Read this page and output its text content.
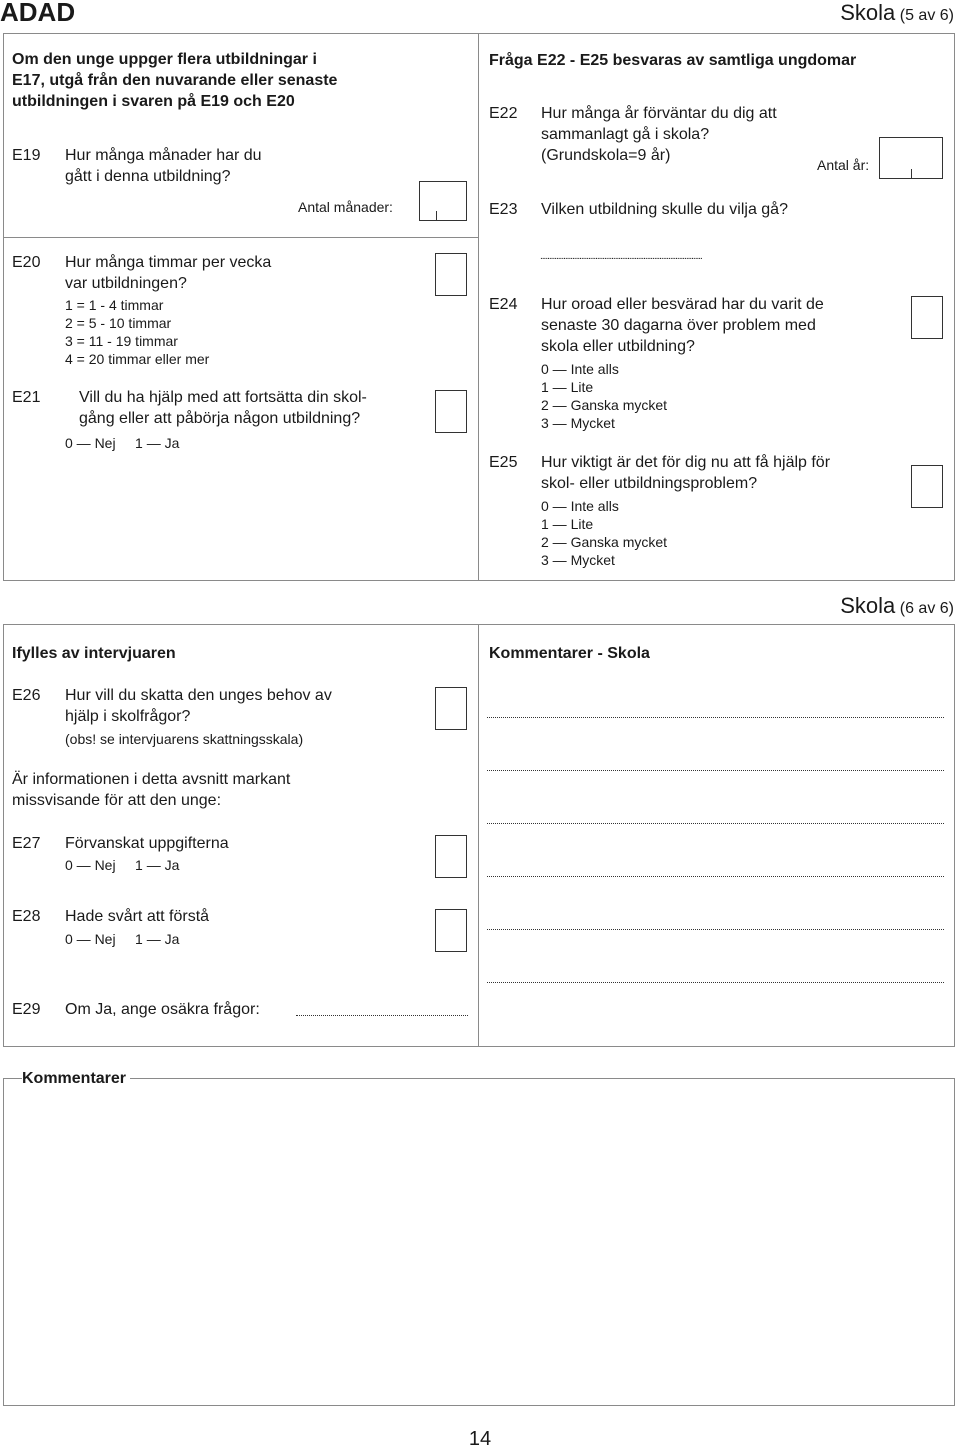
ADAD	Skola (5 av 6)
Om den unge uppger flera utbildningar i
E17, utgå från den nuvarande eller senaste
utbildningen i svaren på E19 och E20
E19 Hur många månader har du
gått i denna utbildning?
Antal månader:
Fråga E22 - E25 besvaras av samtliga ungdomar
E22 Hur många år förväntar du dig att
sammanlagt gå i skola?
(Grundskola=9 år)
Antal år:
E23 Vilken utbildning skulle du vilja gå?
...........................................................................................
E20 Hur många timmar per vecka
var utbildningen?
1 = 1 - 4 timmar
2 = 5 - 10 timmar
3 = 11 - 19 timmar
4 = 20 timmar eller mer
E21 Vill du ha hjälp med att fortsätta din skol-
gång eller att påbörja någon utbildning?
0 — Nej     1 — Ja
E24 Hur oroad eller besvärad har du varit de
senaste 30 dagarna över problem med
skola eller utbildning?
0 — Inte alls
1 — Lite
2 — Ganska mycket
3 — Mycket
E25 Hur viktigt är det för dig nu att få hjälp för
skol- eller utbildningsproblem?
0 — Inte alls
1 — Lite
2 — Ganska mycket
3 — Mycket
Skola (6 av 6)
Ifylles av intervjuaren	Kommentarer - Skola
E26 Hur vill du skatta den unges behov av
hjälp i skolfrågor?
(obs! se intervjuarens skattningsskala)
Är informationen i detta avsnitt markant
missvisande för att den unge:
E27 Förvanskat uppgifterna
0 — Nej     1 — Ja
E28 Hade svårt att förstå
0 — Nej     1 — Ja
E29 Om Ja, ange osäkra frågor:
Kommentarer
14
